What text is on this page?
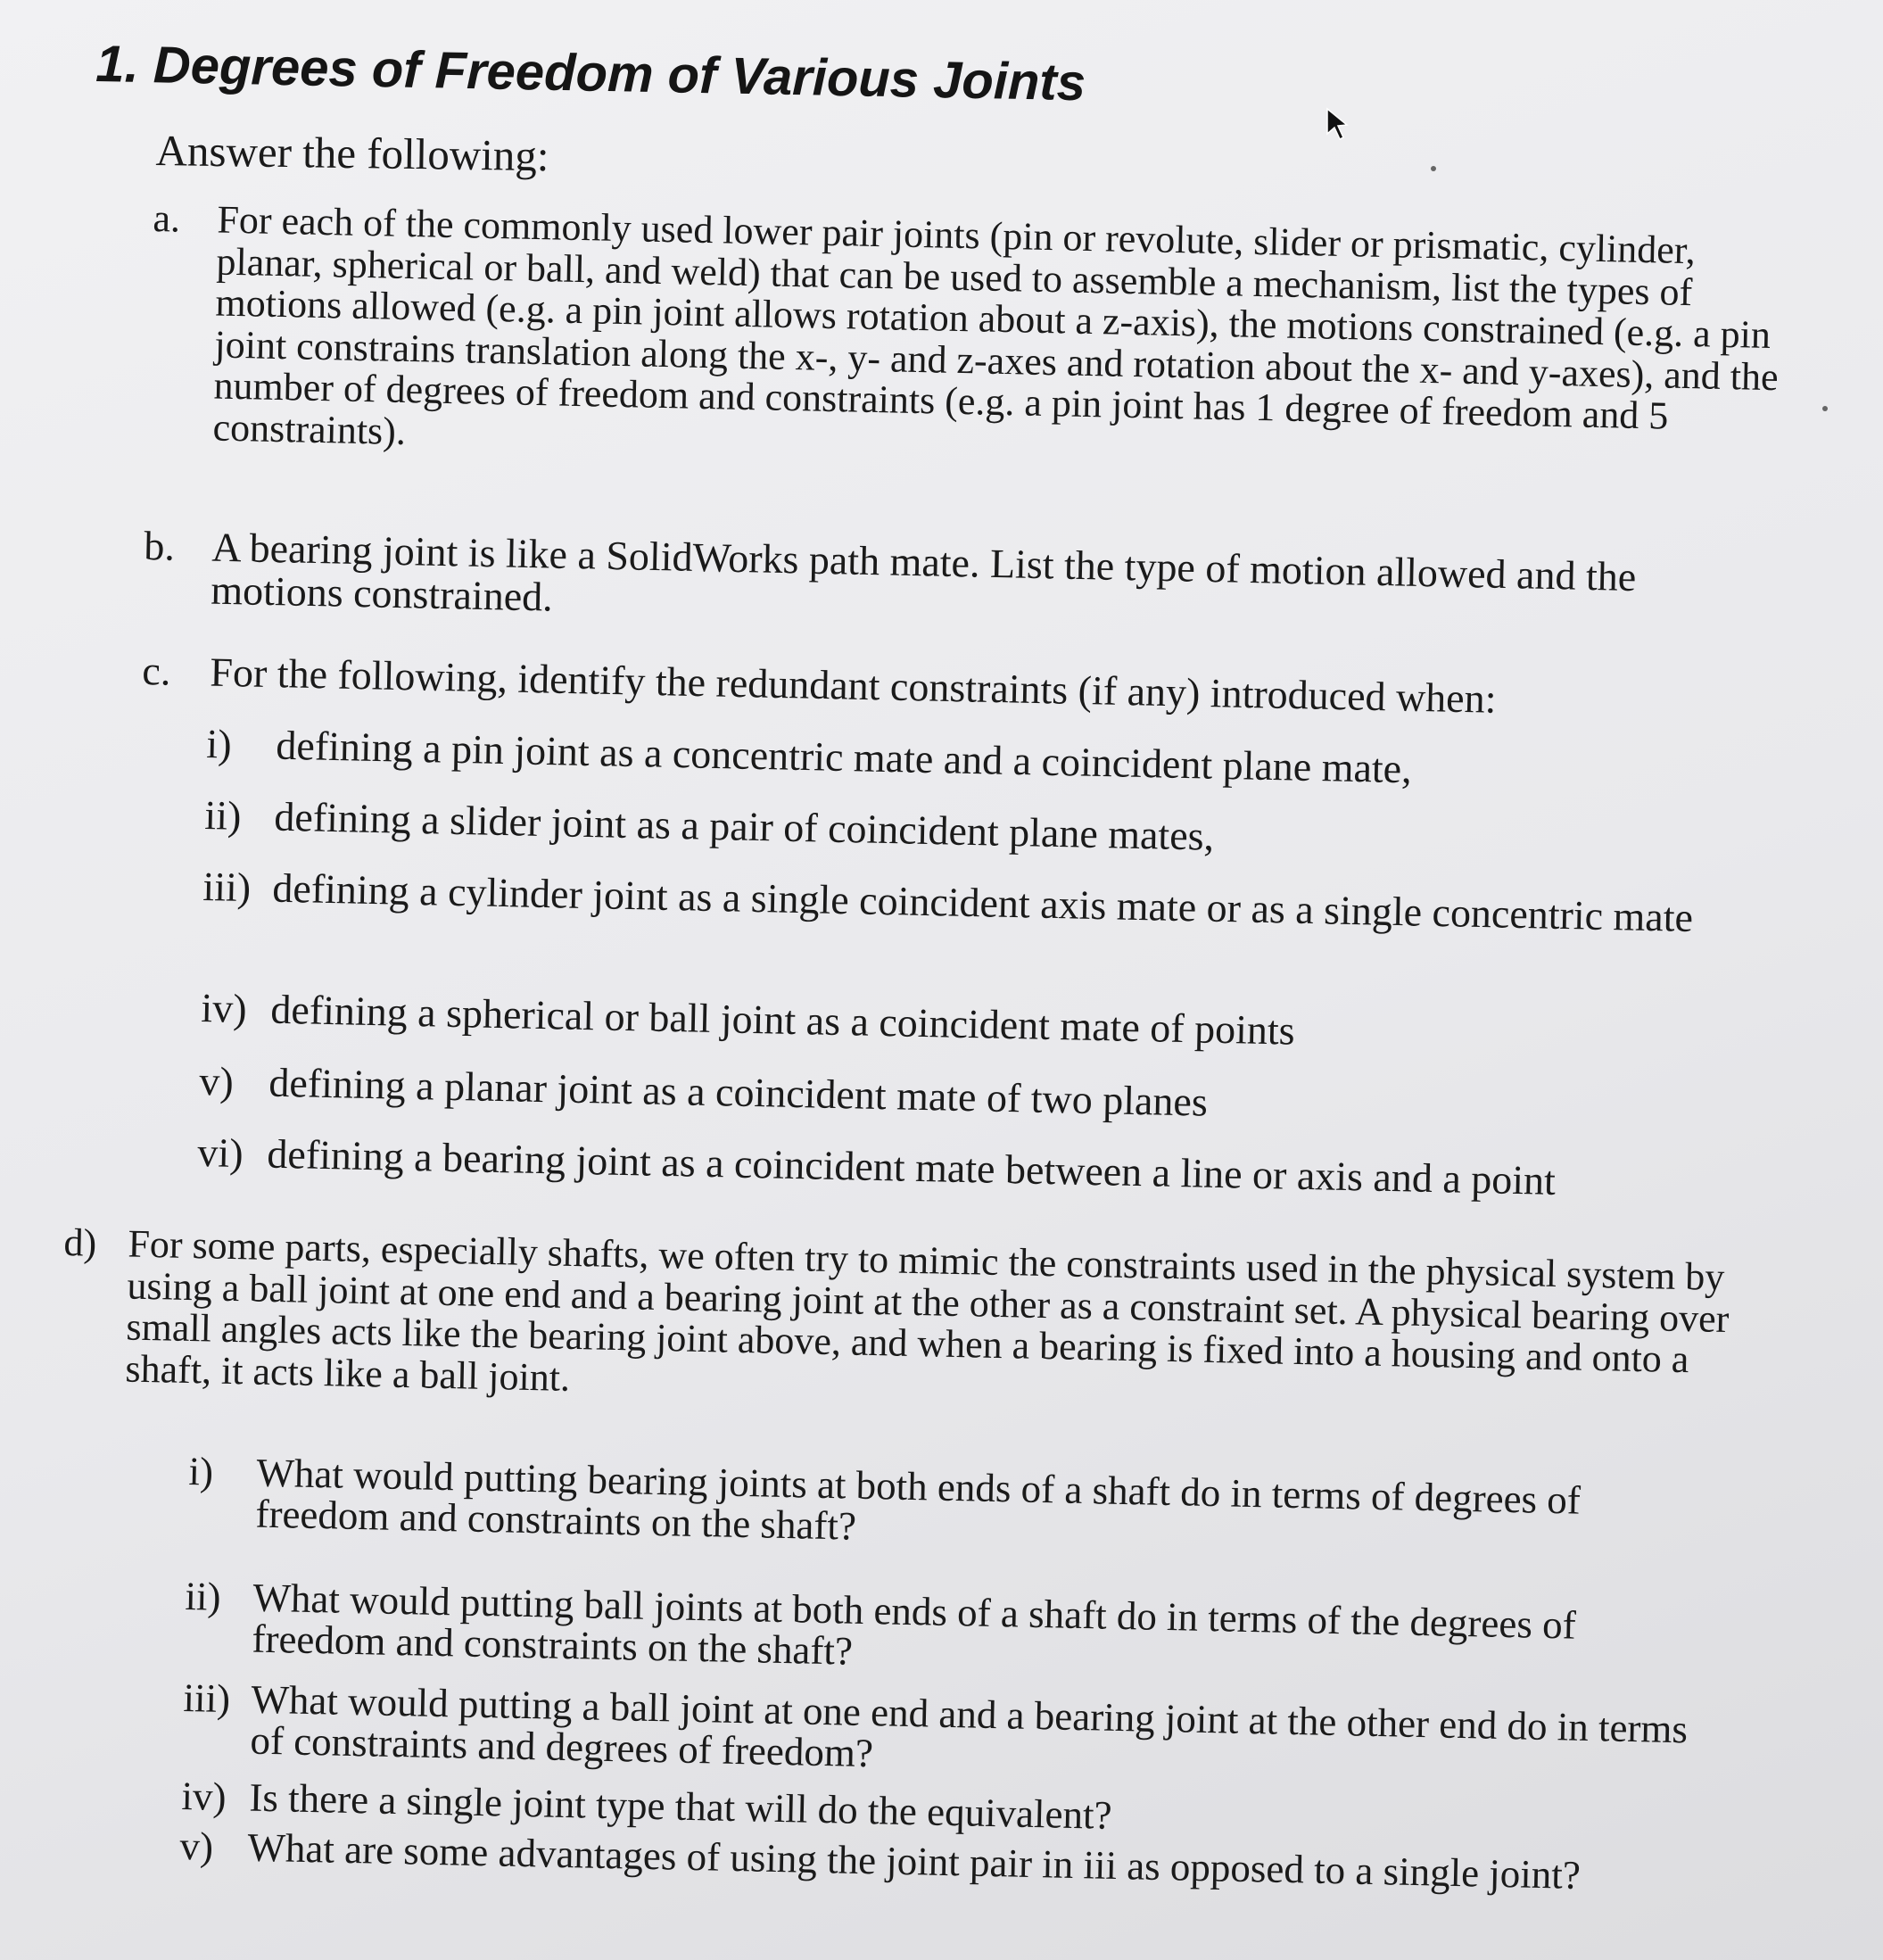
1. Degrees of Freedom of Various Joints
Answer the following:
a. For each of the commonly used lower pair joints (pin or revolute, slider or prismatic, cylinder, planar, spherical or ball, and weld) that can be used to assemble a mechanism, list the types of motions allowed (e.g. a pin joint allows rotation about a z-axis), the motions constrained (e.g. a pin joint constrains translation along the x-, y- and z-axes and rotation about the x- and y-axes), and the number of degrees of freedom and constraints (e.g. a pin joint has 1 degree of freedom and 5 constraints).
b. A bearing joint is like a SolidWorks path mate. List the type of motion allowed and the motions constrained.
c. For the following, identify the redundant constraints (if any) introduced when:
i) defining a pin joint as a concentric mate and a coincident plane mate,
ii) defining a slider joint as a pair of coincident plane mates,
iii) defining a cylinder joint as a single coincident axis mate or as a single concentric mate
iv) defining a spherical or ball joint as a coincident mate of points
v) defining a planar joint as a coincident mate of two planes
vi) defining a bearing joint as a coincident mate between a line or axis and a point
d) For some parts, especially shafts, we often try to mimic the constraints used in the physical system by using a ball joint at one end and a bearing joint at the other as a constraint set. A physical bearing over small angles acts like the bearing joint above, and when a bearing is fixed into a housing and onto a shaft, it acts like a ball joint.
i) What would putting bearing joints at both ends of a shaft do in terms of degrees of freedom and constraints on the shaft?
ii) What would putting ball joints at both ends of a shaft do in terms of the degrees of freedom and constraints on the shaft?
iii) What would putting a ball joint at one end and a bearing joint at the other end do in terms of constraints and degrees of freedom?
iv) Is there a single joint type that will do the equivalent?
v) What are some advantages of using the joint pair in iii as opposed to a single joint?
